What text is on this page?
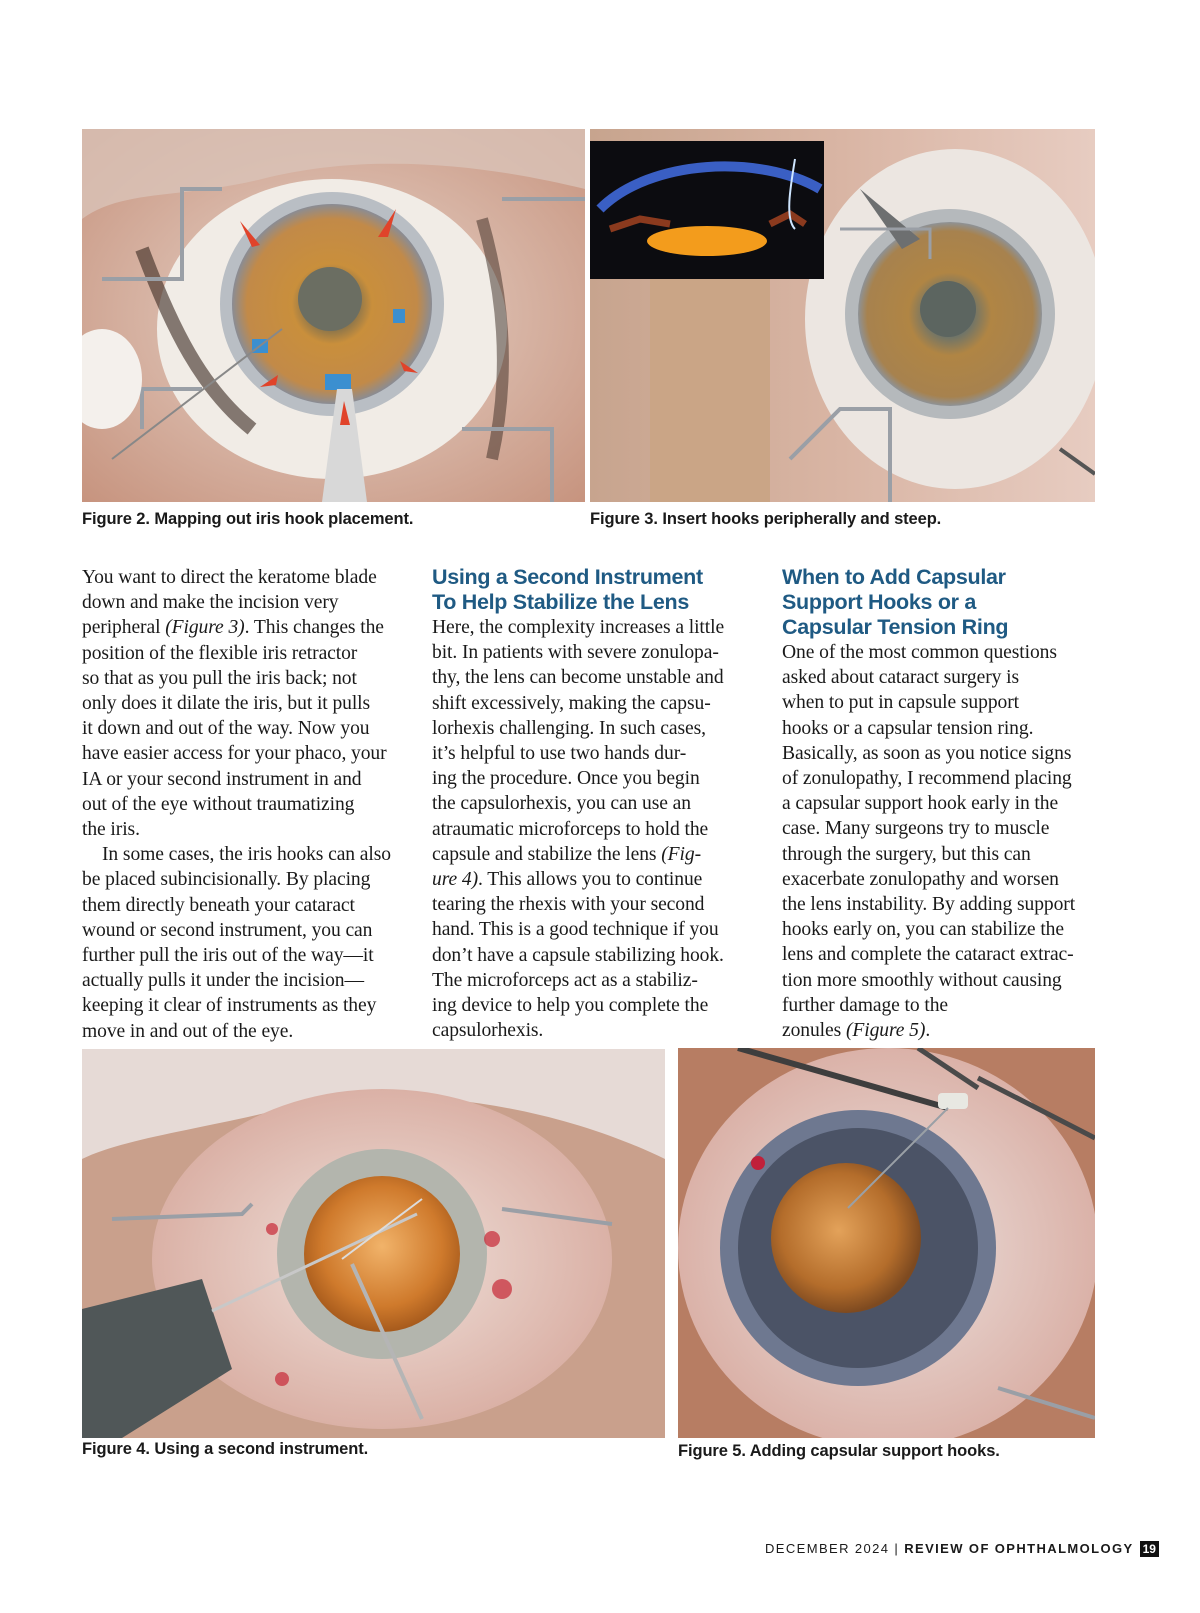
Figure 2. Mapping out iris hook placement.	Figure 3. Insert hooks peripherally and steep.

You want to direct the keratome blade
down and make the incision very
peripheral (Figure 3). This changes the
position of the flexible iris retractor
so that as you pull the iris back; not
only does it dilate the iris, but it pulls
it down and out of the way. Now you
have easier access for your phaco, your
IA or your second instrument in and
out of the eye without traumatizing
the iris.

In some cases, the iris hooks can also
be placed subincisionally. By placing
them directly beneath your cataract
wound or second instrument, you can
further pull the iris out of the way—it
actually pulls it under the incision—
keeping it clear of instruments as they
move in and out of the eye.

Using a Second Instrument
To Help Stabilize the Lens

Here, the complexity increases a little
bit. In patients with severe zonulopa-
thy, the lens can become unstable and
shift excessively, making the capsu-
lorhexis challenging. In such cases,
it’s helpful to use two hands dur-
ing the procedure. Once you begin
the capsulorhexis, you can use an
atraumatic microforceps to hold the
capsule and stabilize the lens (Fig-
ure 4). This allows you to continue
tearing the rhexis with your second
hand. This is a good technique if you
don’t have a capsule stabilizing hook.
The microforceps act as a stabiliz-
ing device to help you complete the
capsulorhexis.

When to Add Capsular
Support Hooks or a
Capsular Tension Ring

One of the most common questions
asked about cataract surgery is
when to put in capsule support
hooks or a capsular tension ring.
Basically, as soon as you notice signs
of zonulopathy, I recommend placing
a capsular support hook early in the
case. Many surgeons try to muscle
through the surgery, but this can
exacerbate zonulopathy and worsen
the lens instability. By adding support
hooks early on, you can stabilize the
lens and complete the cataract extrac-
tion more smoothly without causing
further damage to the
zonules (Figure 5).

Figure 4. Using a second instrument.	Figure 5. Adding capsular support hooks.
DECEMBER 2024 | REVIEW OF OPHTHALMOLOGY 19
